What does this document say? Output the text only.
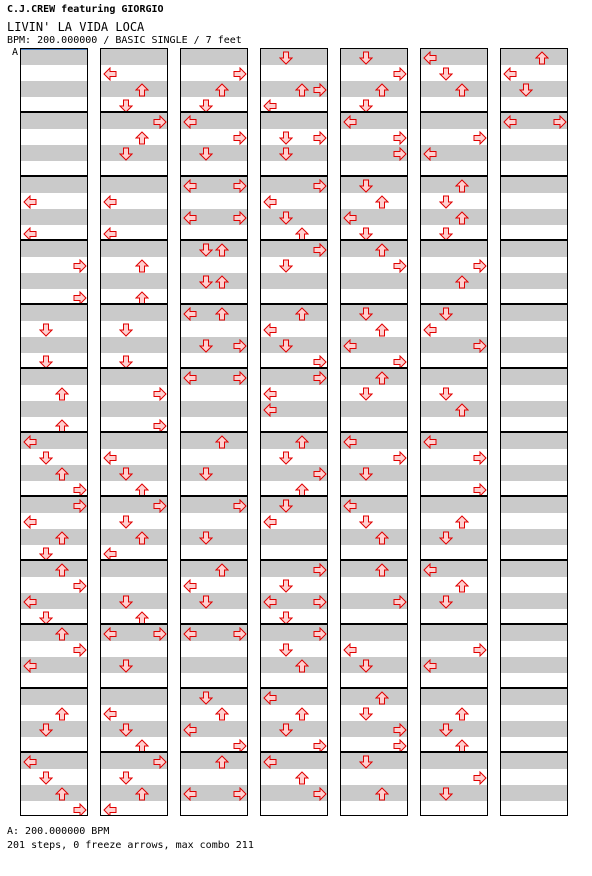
C.J.CREW featuring GIORGIO
LIVIN' LA VIDA LOCA
BPM: 200.000000 / BASIC SINGLE / 7 feet
A
A: 200.000000 BPM
201 steps, 0 freeze arrows, max combo 211
